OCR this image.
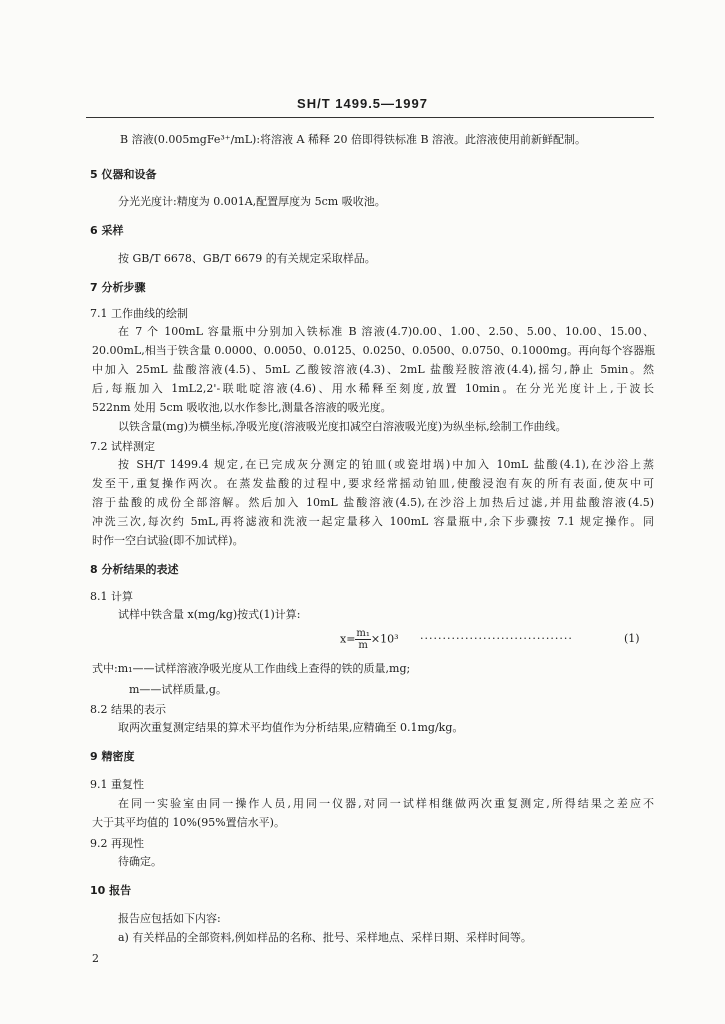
SH/T 1499.5—1997
B 溶液(0.005mgFe³⁺/mL):将溶液 A 稀释 20 倍即得铁标准 B 溶液。此溶液使用前新鲜配制。
5 仪器和设备
分光光度计:精度为 0.001A,配置厚度为 5cm 吸收池。
6 采样
按 GB/T 6678、GB/T 6679 的有关规定采取样品。
7 分析步骤
7.1 工作曲线的绘制
在 7 个 100mL 容量瓶中分别加入铁标准 B 溶液(4.7)0.00、1.00、2.50、5.00、10.00、15.00、
20.00mL,相当于铁含量 0.0000、0.0050、0.0125、0.0250、0.0500、0.0750、0.1000mg。再向每个容器瓶
中加入 25mL 盐酸溶液(4.5)、5mL 乙酸铵溶液(4.3)、2mL 盐酸羟胺溶液(4.4),摇匀,静止 5min。然
后,每瓶加入 1mL2,2'-联吡啶溶液(4.6)、用水稀释至刻度,放置 10min。在分光光度计上,于波长
522nm 处用 5cm 吸收池,以水作参比,测量各溶液的吸光度。
以铁含量(mg)为横坐标,净吸光度(溶液吸光度扣减空白溶液吸光度)为纵坐标,绘制工作曲线。
7.2 试样测定
按 SH/T 1499.4 规定,在已完成灰分测定的铂皿(或瓷坩埚)中加入 10mL 盐酸(4.1),在沙浴上蒸
发至干,重复操作两次。在蒸发盐酸的过程中,要求经常摇动铂皿,使酸浸泡有灰的所有表面,使灰中可
溶于盐酸的成份全部溶解。然后加入 10mL 盐酸溶液(4.5),在沙浴上加热后过滤,并用盐酸溶液(4.5)
冲洗三次,每次约 5mL,再将滤液和洗液一起定量移入 100mL 容量瓶中,余下步骤按 7.1 规定操作。同
时作一空白试验(即不加试样)。
8 分析结果的表述
8.1 计算
试样中铁含量 x(mg/kg)按式(1)计算:
式中:m₁——试样溶液净吸光度从工作曲线上查得的铁的质量,mg;
m——试样质量,g。
8.2 结果的表示
取两次重复测定结果的算术平均值作为分析结果,应精确至 0.1mg/kg。
9 精密度
9.1 重复性
在同一实验室由同一操作人员,用同一仪器,对同一试样相继做两次重复测定,所得结果之差应不
大于其平均值的 10%(95%置信水平)。
9.2 再现性
待确定。
10 报告
报告应包括如下内容:
a) 有关样品的全部资料,例如样品的名称、批号、采样地点、采样日期、采样时间等。
$x= \frac{\text{m₁}}{m} \times 10^3$ ··································	(1)
2
